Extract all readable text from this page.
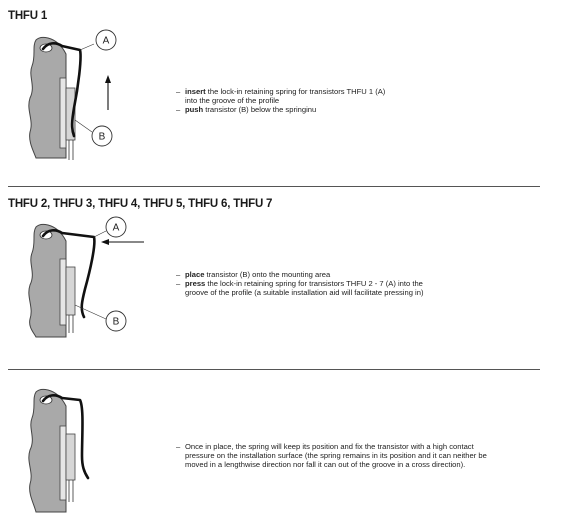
THFU 1
A
B
– insert the lock-in retaining spring for transistors THFU 1 (A)
into the groove of the profile
– push transistor (B) below the springinu
THFU 2, THFU 3, THFU 4, THFU 5, THFU 6, THFU 7
A
B
– place transistor (B) onto the mounting area
– press the lock-in retaining spring for transistors THFU 2 - 7 (A) into the
groove of the profile (a suitable installation aid will facilitate pressing in)
– Once in place, the spring will keep its position and fix the transistor with a high contact
pressure on the installation surface (the spring remains in its position and it can neither be
moved in a lengthwise direction nor fall it can out of the groove in a cross direction).
